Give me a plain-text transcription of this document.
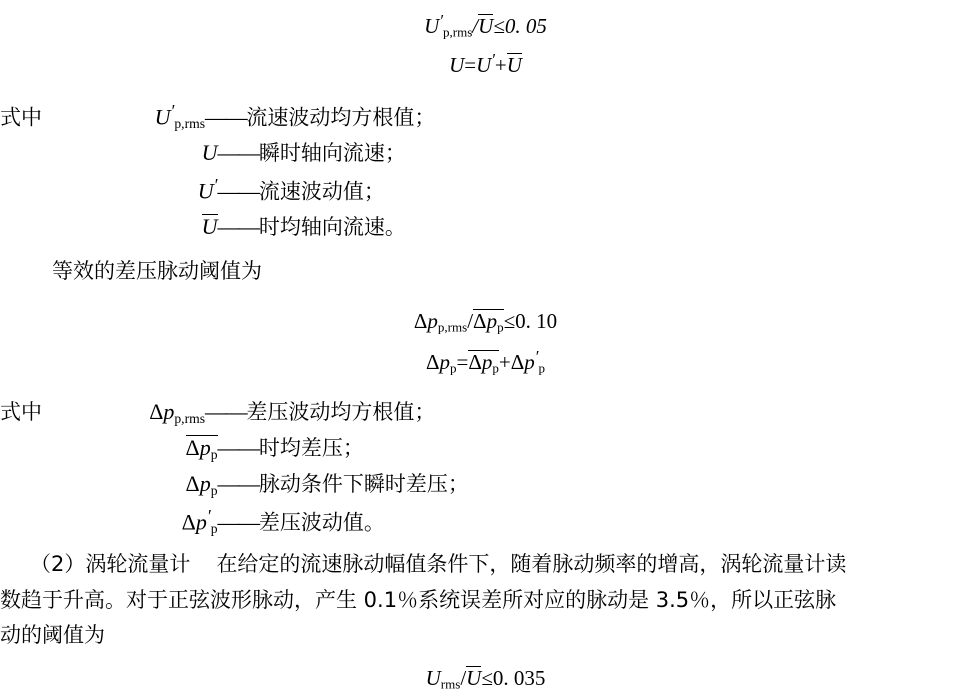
$U'_{p,rms}/U\le 0$. 05
U=U′+U
式中	$U'_{p,rms}——$流速波动均方根值；
U——瞬时轴向流速；
U′——流速波动值；
U——时均轴向流速。
等效的差压脉动阈值为
$\Delta p_{p,rms}/\Delta p_p\le 0$. 10
$\Delta p_p=\Delta p_p+\Delta p'_p$
式中	$\Delta p_{p,rms}——$差压波动均方根值；
$\Delta p_p——$时均差压；
$\Delta p_p——$脉动条件下瞬时差压；
$\Delta p'_p——$差压波动值。
（2）涡轮流量计 在给定的流速脉动幅值条件下，随着脉动频率的增高，涡轮流量计读
数趋于升高。对于正弦波形脉动，产生 0.1％系统误差所对应的脉动是 3.5％，所以正弦脉
动的阈值为
$U_{rms}/U\le 0$. 035
